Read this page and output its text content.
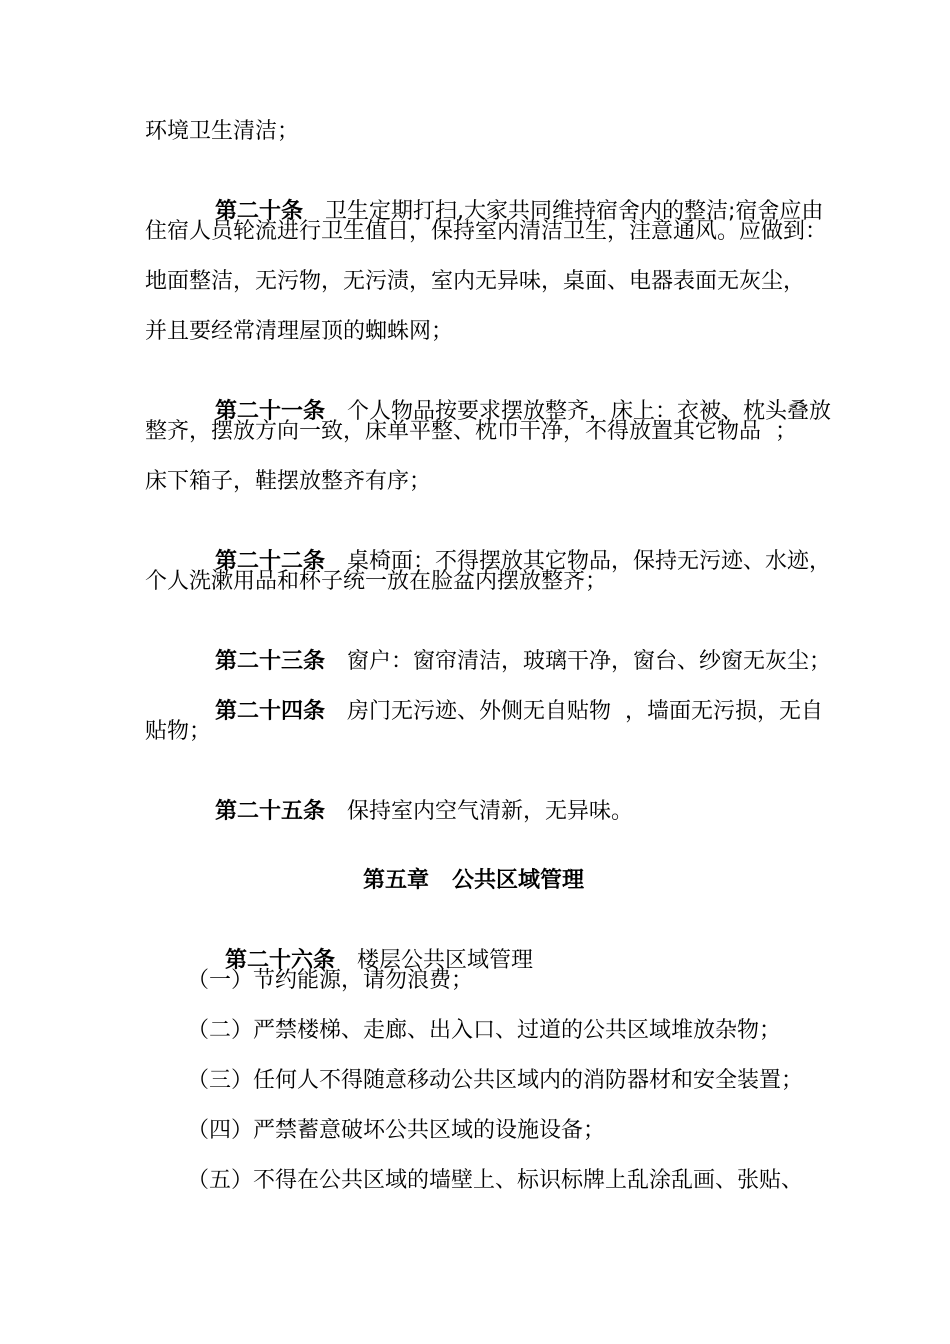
环境卫生清洁；

第二十条 卫生定期打扫,大家共同维持宿舍内的整洁;宿舍应由

住宿人员轮流进行卫生值日，保持室内清洁卫生，注意通风。应做到：
地面整洁，无污物，无污渍，室内无异味，桌面、电器表面无灰尘，
并且要经常清理屋顶的蜘蛛网；

第二十一条 个人物品按要求摆放整齐，床上：衣被、枕头叠放

整齐，摆放方向一致，床单平整、枕巾干净，不得放置其它物品  ；
床下箱子，鞋摆放整齐有序；

第二十二条 桌椅面：不得摆放其它物品，保持无污迹、水迹，

个人洗漱用品和杯子统一放在脸盆内摆放整齐；

第二十三条 窗户：窗帘清洁，玻璃干净，窗台、纱窗无灰尘；

第二十四条 房门无污迹、外侧无自贴物  ，墙面无污损，无自

贴物；

第二十五条 保持室内空气清新，无异味。

第五章   公共区域管理

第二十六条 楼层公共区域管理

（一）节约能源，请勿浪费；
（二）严禁楼梯、走廊、出入口、过道的公共区域堆放杂物；
（三）任何人不得随意移动公共区域内的消防器材和安全装置；
（四）严禁蓄意破坏公共区域的设施设备；
（五）不得在公共区域的墙壁上、标识标牌上乱涂乱画、张贴、
